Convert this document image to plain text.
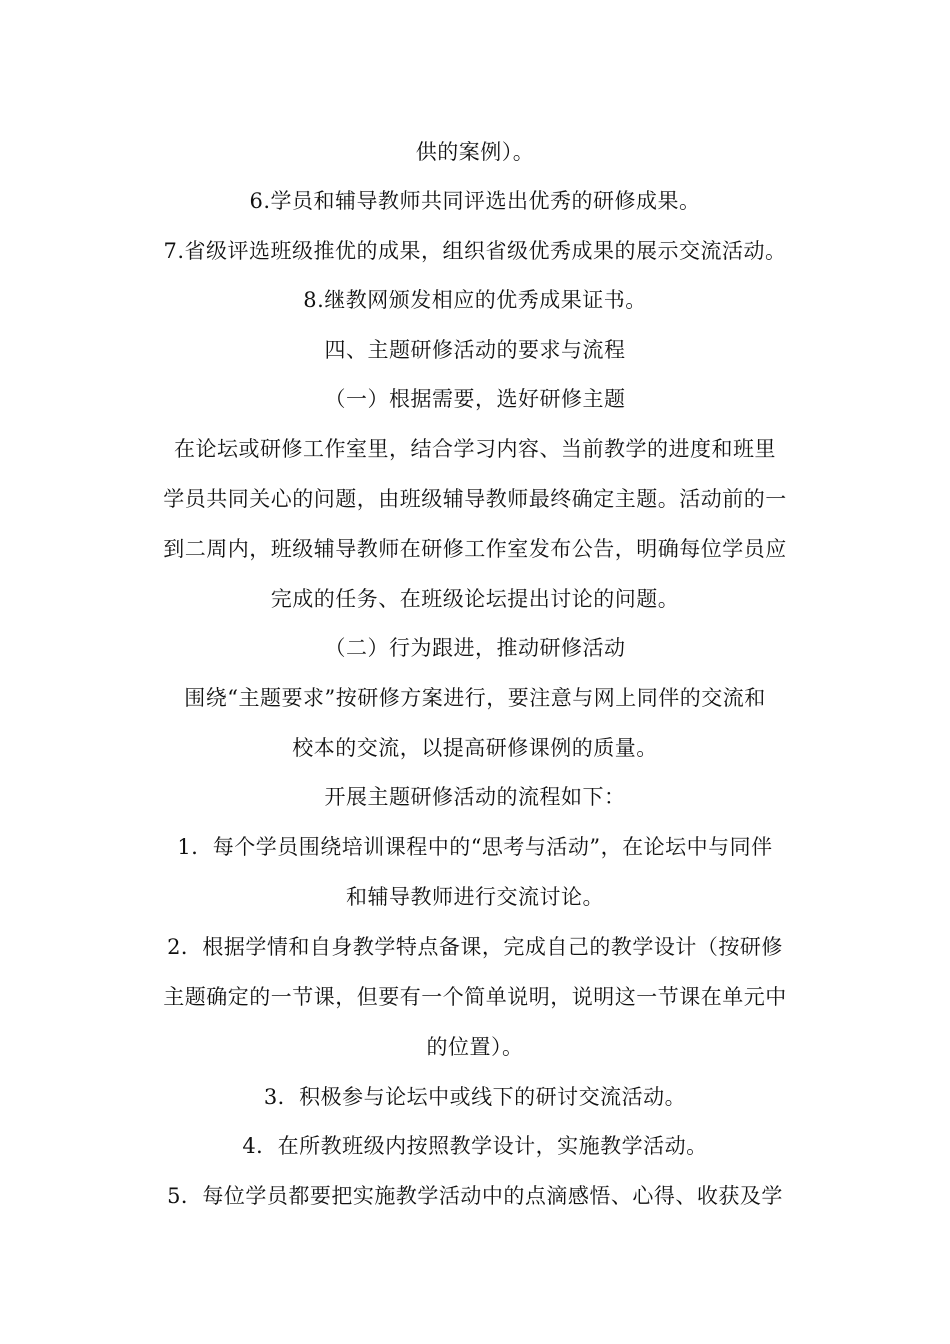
供的案例）。
6.学员和辅导教师共同评选出优秀的研修成果。
7.省级评选班级推优的成果，组织省级优秀成果的展示交流活动。
8.继教网颁发相应的优秀成果证书。
四、主题研修活动的要求与流程
（一）根据需要，选好研修主题
在论坛或研修工作室里，结合学习内容、当前教学的进度和班里
学员共同关心的问题，由班级辅导教师最终确定主题。活动前的一
到二周内，班级辅导教师在研修工作室发布公告，明确每位学员应
完成的任务、在班级论坛提出讨论的问题。
（二）行为跟进，推动研修活动
围绕“主题要求”按研修方案进行，要注意与网上同伴的交流和
校本的交流，以提高研修课例的质量。
开展主题研修活动的流程如下：
1．每个学员围绕培训课程中的“思考与活动”，在论坛中与同伴
和辅导教师进行交流讨论。
2．根据学情和自身教学特点备课，完成自己的教学设计（按研修
主题确定的一节课，但要有一个简单说明，说明这一节课在单元中
的位置）。
3．积极参与论坛中或线下的研讨交流活动。
4．在所教班级内按照教学设计，实施教学活动。
5．每位学员都要把实施教学活动中的点滴感悟、心得、收获及学
